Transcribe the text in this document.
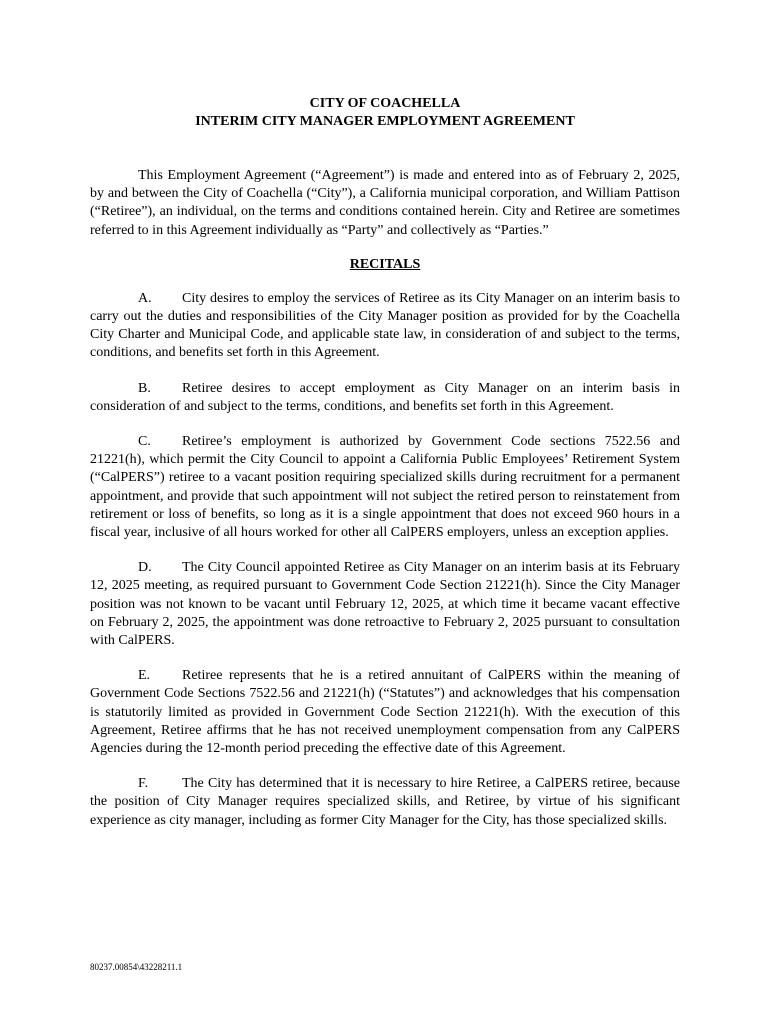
CITY OF COACHELLA
INTERIM CITY MANAGER EMPLOYMENT AGREEMENT

This Employment Agreement (“Agreement”) is made and entered into as of February 2, 2025, by and between the City of Coachella (“City”), a California municipal corporation, and William Pattison (“Retiree”), an individual, on the terms and conditions contained herein. City and Retiree are sometimes referred to in this Agreement individually as “Party” and collectively as “Parties.”

RECITALS

A. City desires to employ the services of Retiree as its City Manager on an interim basis to carry out the duties and responsibilities of the City Manager position as provided for by the Coachella City Charter and Municipal Code, and applicable state law, in consideration of and subject to the terms, conditions, and benefits set forth in this Agreement.

B. Retiree desires to accept employment as City Manager on an interim basis in consideration of and subject to the terms, conditions, and benefits set forth in this Agreement.

C. Retiree’s employment is authorized by Government Code sections 7522.56 and 21221(h), which permit the City Council to appoint a California Public Employees’ Retirement System (“CalPERS”) retiree to a vacant position requiring specialized skills during recruitment for a permanent appointment, and provide that such appointment will not subject the retired person to reinstatement from retirement or loss of benefits, so long as it is a single appointment that does not exceed 960 hours in a fiscal year, inclusive of all hours worked for other all CalPERS employers, unless an exception applies.

D. The City Council appointed Retiree as City Manager on an interim basis at its February 12, 2025 meeting, as required pursuant to Government Code Section 21221(h). Since the City Manager position was not known to be vacant until February 12, 2025, at which time it became vacant effective on February 2, 2025, the appointment was done retroactive to February 2, 2025 pursuant to consultation with CalPERS.

E. Retiree represents that he is a retired annuitant of CalPERS within the meaning of Government Code Sections 7522.56 and 21221(h) (“Statutes”) and acknowledges that his compensation is statutorily limited as provided in Government Code Section 21221(h). With the execution of this Agreement, Retiree affirms that he has not received unemployment compensation from any CalPERS Agencies during the 12-month period preceding the effective date of this Agreement.

F. The City has determined that it is necessary to hire Retiree, a CalPERS retiree, because the position of City Manager requires specialized skills, and Retiree, by virtue of his significant experience as city manager, including as former City Manager for the City, has those specialized skills.

80237.00854\43228211.1
